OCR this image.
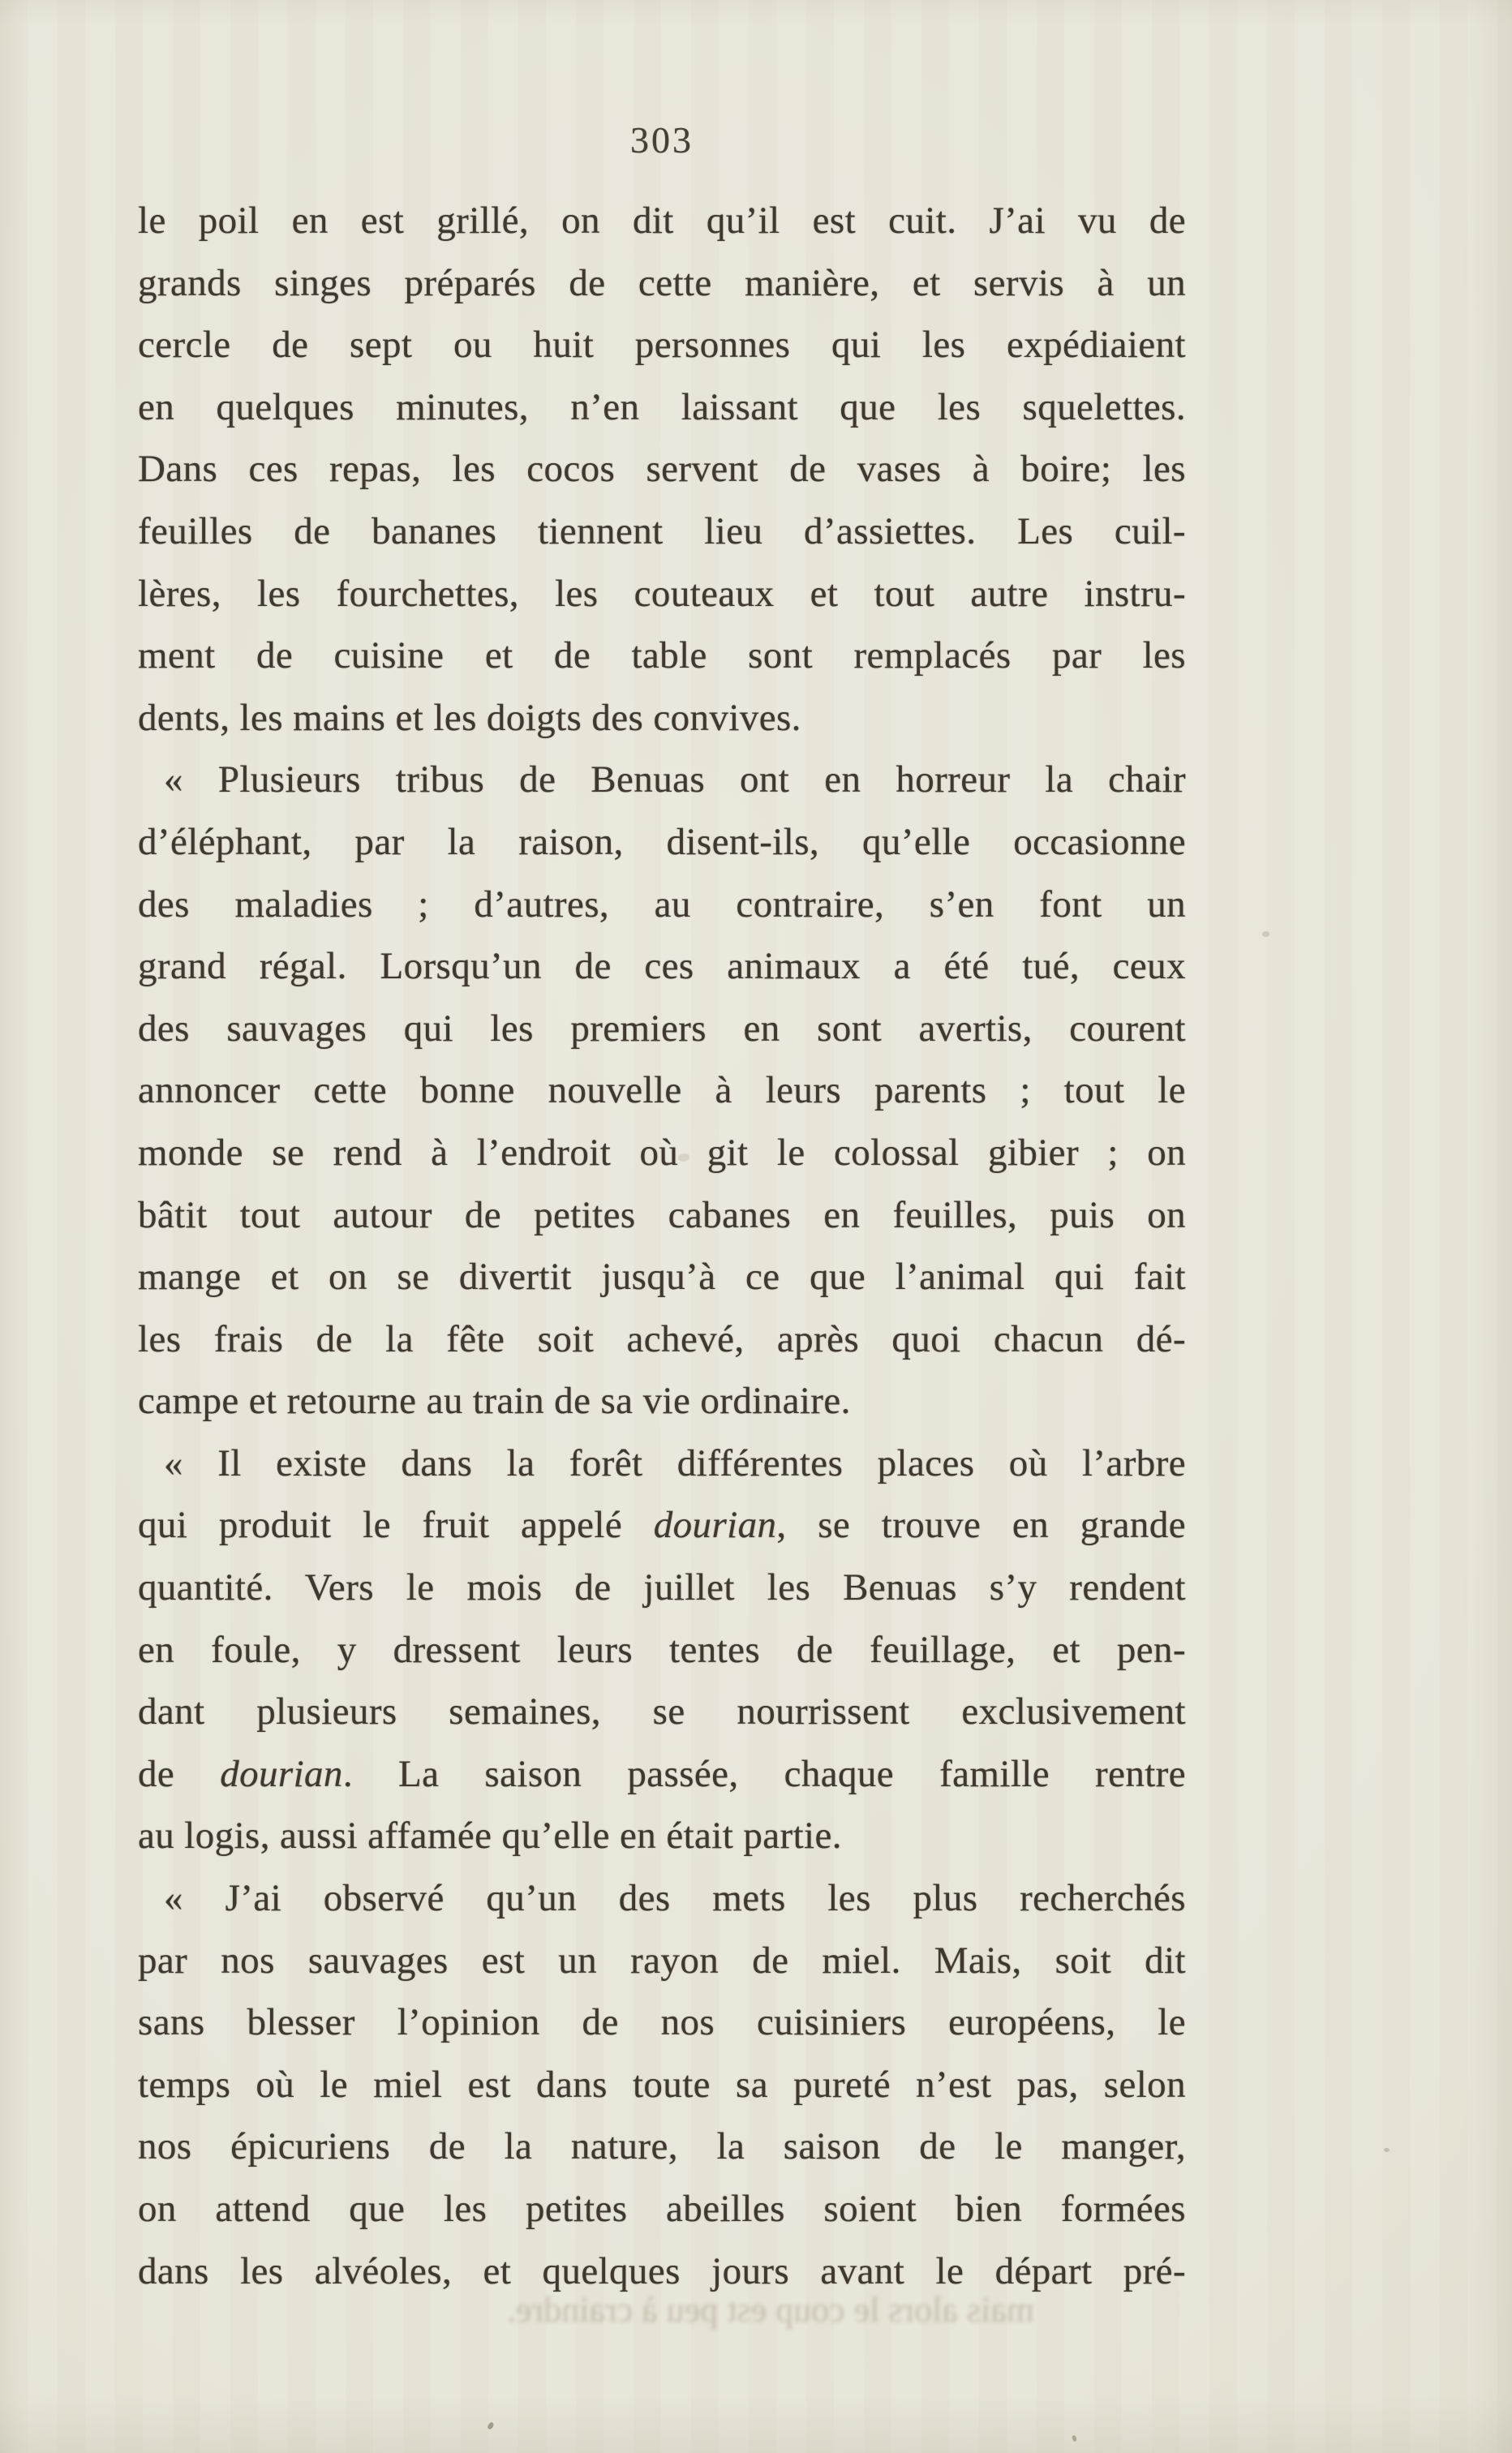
303
le poil en est grillé, on dit qu’il est cuit. J’ai vu de
grands singes préparés de cette manière, et servis à un
cercle de sept ou huit personnes qui les expédiaient
en quelques minutes, n’en laissant que les squelettes.
Dans ces repas, les cocos servent de vases à boire; les
feuilles de bananes tiennent lieu d’assiettes. Les cuil-
lères, les fourchettes, les couteaux et tout autre instru-
ment de cuisine et de table sont remplacés par les
dents, les mains et les doigts des convives.
« Plusieurs tribus de Benuas ont en horreur la chair
d’éléphant, par la raison, disent-ils, qu’elle occasionne
des maladies ; d’autres, au contraire, s’en font un
grand régal. Lorsqu’un de ces animaux a été tué, ceux
des sauvages qui les premiers en sont avertis, courent
annoncer cette bonne nouvelle à leurs parents ; tout le
monde se rend à l’endroit où git le colossal gibier ; on
bâtit tout autour de petites cabanes en feuilles, puis on
mange et on se divertit jusqu’à ce que l’animal qui fait
les frais de la fête soit achevé, après quoi chacun dé-
campe et retourne au train de sa vie ordinaire.
« Il existe dans la forêt différentes places où l’arbre
qui produit le fruit appelé dourian, se trouve en grande
quantité. Vers le mois de juillet les Benuas s’y rendent
en foule, y dressent leurs tentes de feuillage, et pen-
dant plusieurs semaines, se nourrissent exclusivement
de dourian. La saison passée, chaque famille rentre
au logis, aussi affamée qu’elle en était partie.
« J’ai observé qu’un des mets les plus recherchés
par nos sauvages est un rayon de miel. Mais, soit dit
sans blesser l’opinion de nos cuisiniers européens, le
temps où le miel est dans toute sa pureté n’est pas, selon
nos épicuriens de la nature, la saison de le manger,
on attend que les petites abeilles soient bien formées
dans les alvéoles, et quelques jours avant le départ pré-
mais alors le coup est peu à craindre.
